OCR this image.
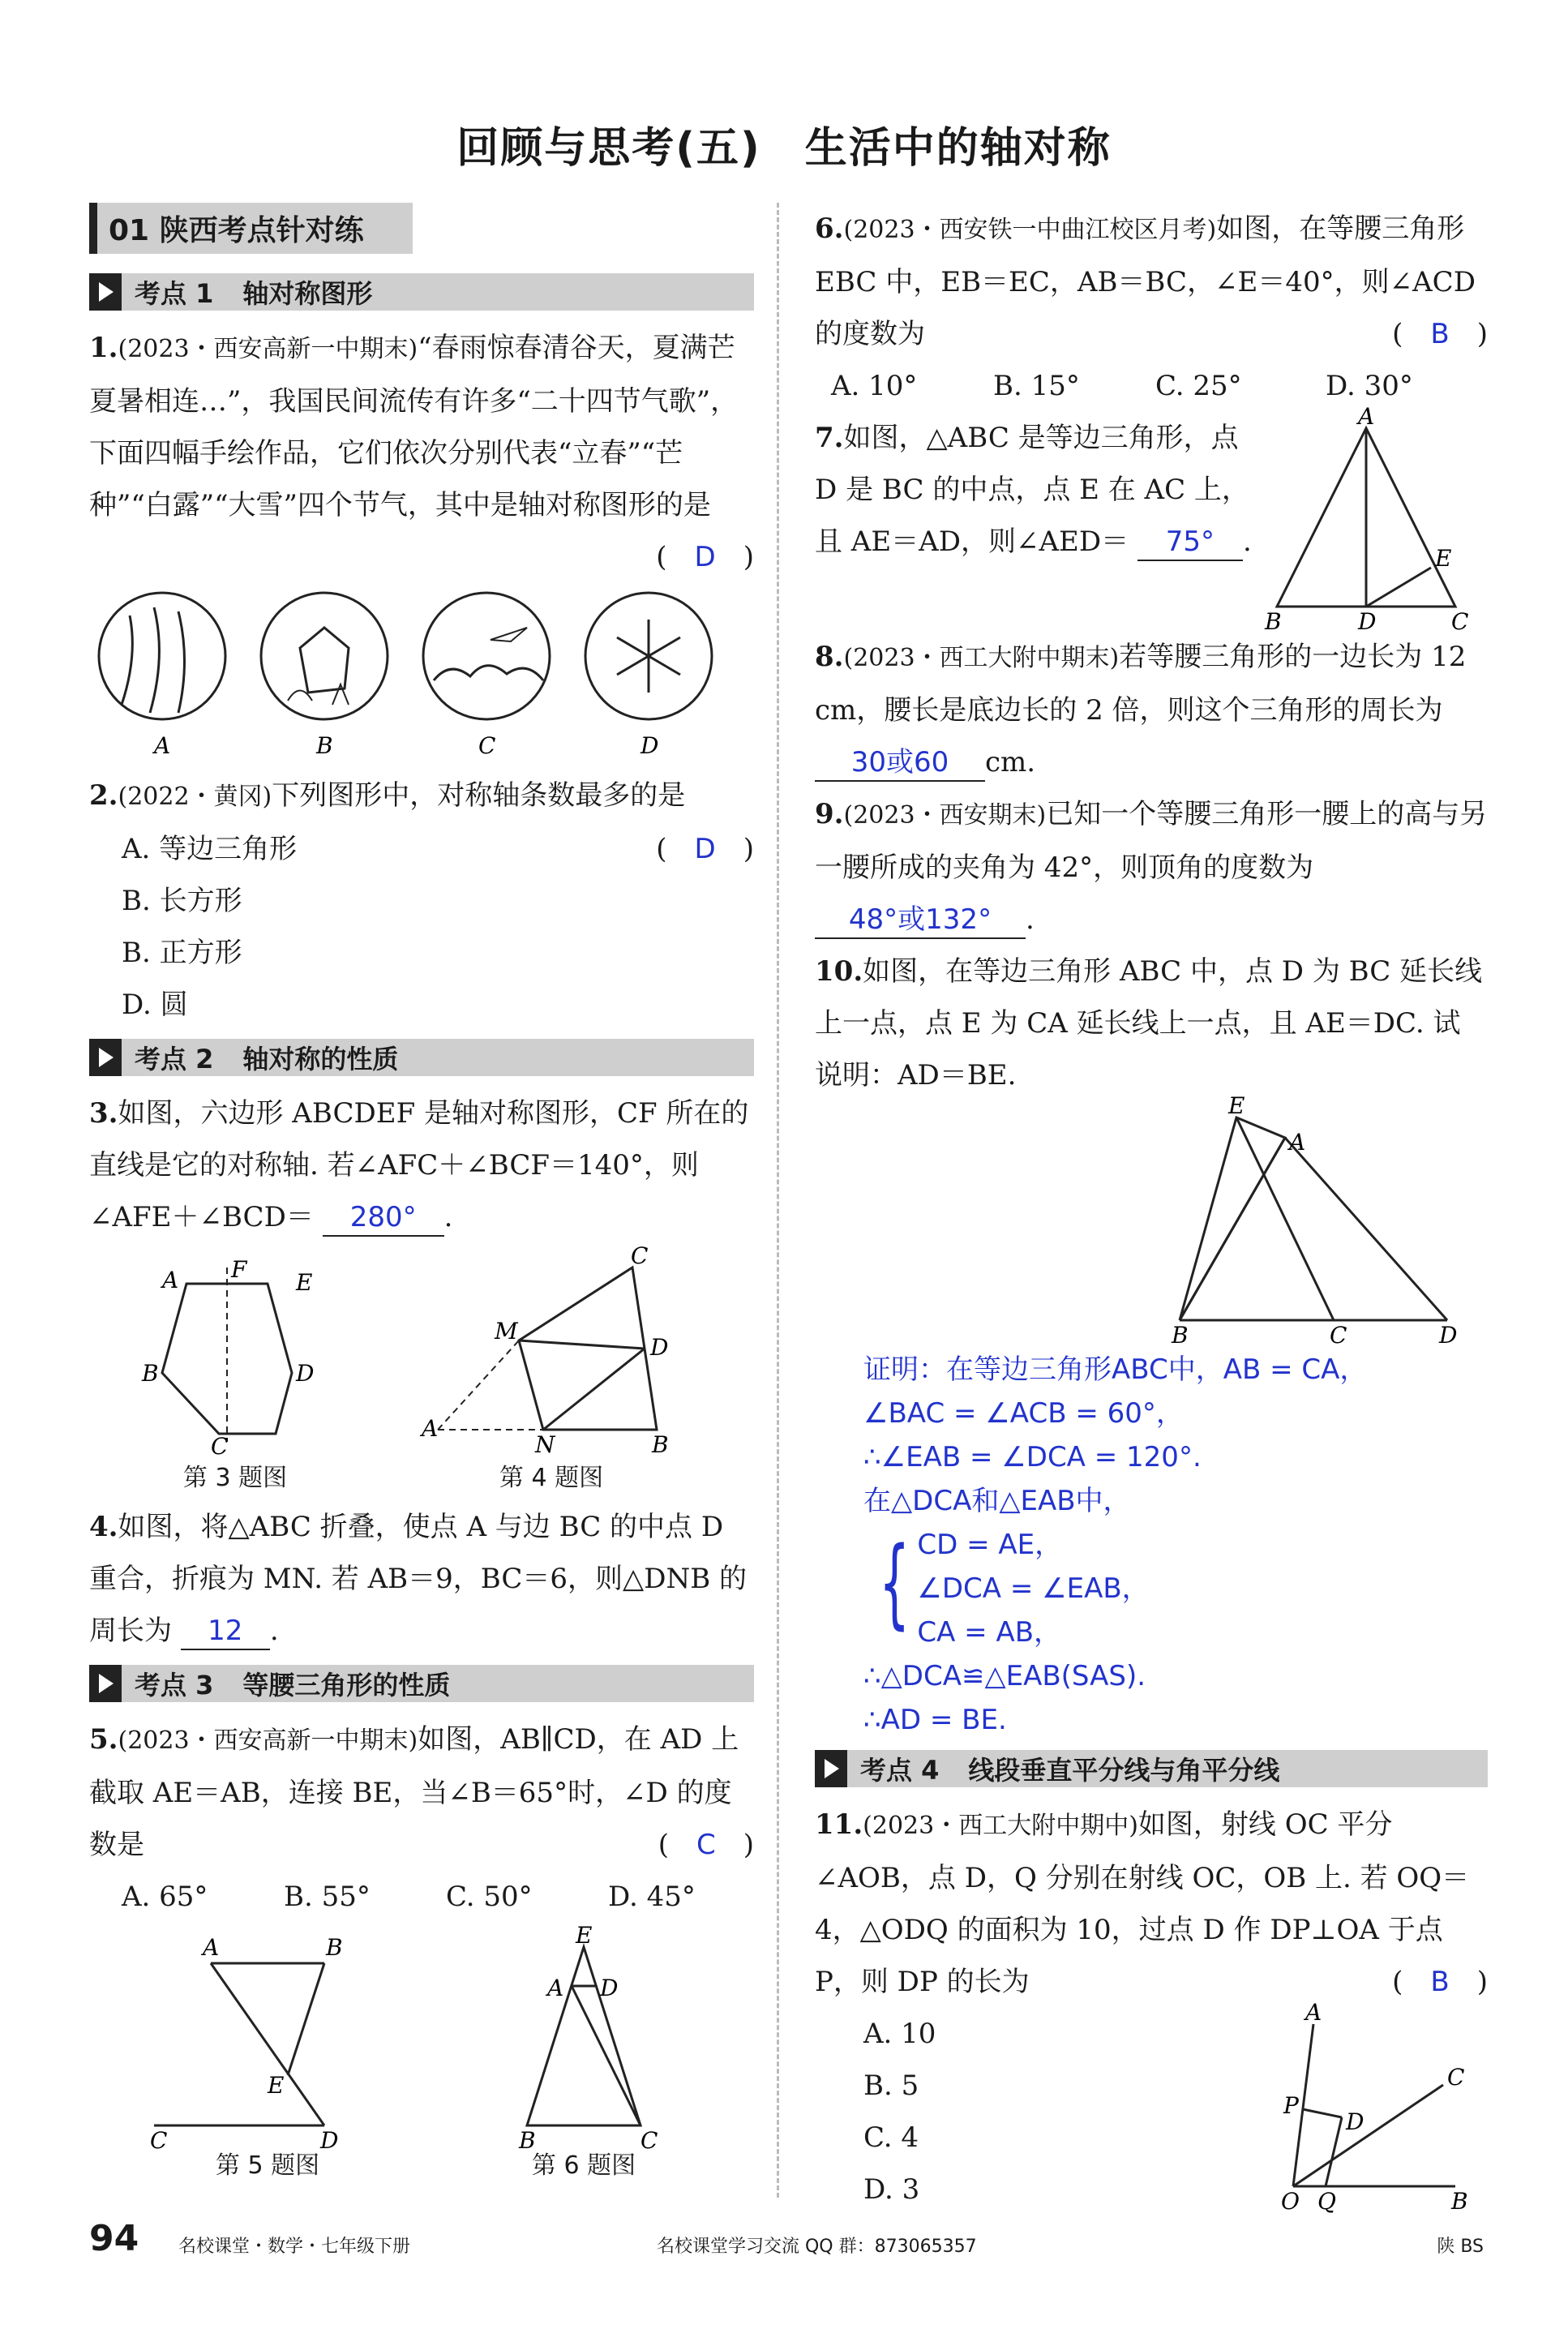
回顾与思考(五)　生活中的轴对称
01 陕西考点针对练
考点 1 轴对称图形
1.(2023・西安高新一中期末)“春雨惊春清谷天，夏满芒夏暑相连…”，我国民间流传有许多“二十四节气歌”，下面四幅手绘作品，它们依次分别代表“立春”“芒种”“白露”“大雪”四个节气，其中是轴对称图形的是
(　D　)
A	B	C	D
2.(2022・黄冈)下列图形中，对称轴条数最多的是
(　D　)
A. 等边三角形
B. 长方形
B. 正方形
D. 圆
考点 2 轴对称的性质
3.如图，六边形 ABCDEF 是轴对称图形，CF 所在的直线是它的对称轴. 若∠AFC＋∠BCF＝140°，则∠AFE＋∠BCD＝ 280° .
A F E
B
C
D
第 3 题图
C
M
D
A
N	B
第 4 题图
4.如图，将△ABC 折叠，使点 A 与边 BC 的中点 D 重合，折痕为 MN. 若 AB＝9，BC＝6，则△DNB 的周长为 12 .
考点 3 等腰三角形的性质
5.(2023・西安高新一中期末)如图，AB∥CD，在 AD 上截取 AE＝AB，连接 BE，当∠B＝65°时，∠D 的度数是	(　C　)
A. 65°	B. 55°	C. 50°	D. 45°
A	B
E
C	D
第 5 题图
E
A D
B	C
第 6 题图
6.(2023・西安铁一中曲江校区月考)如图，在等腰三角形 EBC 中，EB＝EC，AB＝BC，∠E＝40°，则∠ACD 的度数为	(　B　)
A. 10°	B. 15°	C. 25°	D. 30°
7.如图，△ABC 是等边三角形，点 D 是 BC 的中点，点 E 在 AC 上，且 AE＝AD，则∠AED＝ 75° .
A
E
B	D	C
8.(2023・西工大附中期末)若等腰三角形的一边长为 12 cm，腰长是底边长的 2 倍，则这个三角形的周长为 30或60 cm.
9.(2023・西安期末)已知一个等腰三角形一腰上的高与另一腰所成的夹角为 42°，则顶角的度数为 48°或132° .
10.如图，在等边三角形 ABC 中，点 D 为 BC 延长线上一点，点 E 为 CA 延长线上一点，且 AE＝DC. 试说明：AD＝BE.
E
A
B	C	D
证明：在等边三角形ABC中，AB = CA，
∠BAC = ∠ACB = 60°，
∴∠EAB = ∠DCA = 120°.
在△DCA和△EAB中，
{ CD = AE，
∠DCA = ∠EAB，
CA = AB，
∴△DCA≌△EAB(SAS).
∴AD = BE.
考点 4 线段垂直平分线与角平分线
11.(2023・西工大附中期中)如图，射线 OC 平分∠AOB，点 D，Q 分别在射线 OC，OB 上. 若 OQ＝4，△ODQ 的面积为 10，过点 D 作 DP⊥OA 于点 P，则 DP 的长为	(　B　)
A. 10
B. 5
C. 4
D. 3
A
C
P
D
O Q	B
94 名校课堂・数学・七年级下册	名校课堂学习交流 QQ 群：873065357	陕 BS
